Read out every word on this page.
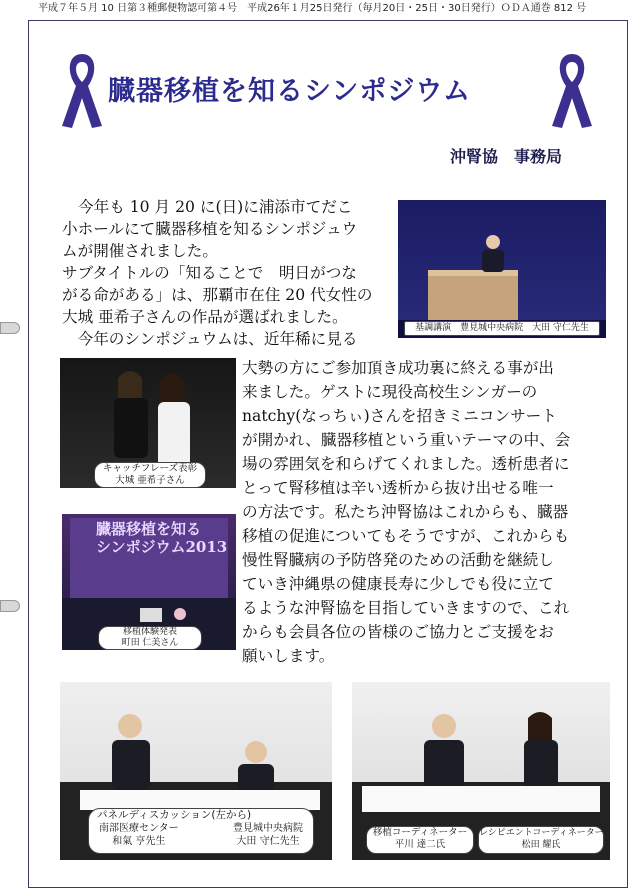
平成７年５月 10 日第３種郵便物認可第４号　平成26年１月25日発行（毎月20日・25日・30日発行）ＯＤＡ通巻 812 号
臓器移植を知るシンポジウム
沖腎協　事務局
今年も 10 月 20 に(日)に浦添市てだこ
小ホールにて臓器移植を知るシンポジュウ
ムが開催されました。
サブタイトルの「知ることで　明日がつな
がる命がある」は、那覇市在住 20 代女性の
大城 亜希子さんの作品が選ばれました。
　今年のシンポジュウムは、近年稀に見る
大勢の方にご参加頂き成功裏に終える事が出
来ました。ゲストに現役高校生シンガーの
natchy(なっちぃ)さんを招きミニコンサート
が開かれ、臓器移植という重いテーマの中、会
場の雰囲気を和らげてくれました。透析患者に
とって腎移植は辛い透析から抜け出せる唯一
の方法です。私たち沖腎協はこれからも、臓器
移植の促進についてもそうですが、これからも
慢性腎臓病の予防啓発のための活動を継続し
ていき沖縄県の健康長寿に少しでも役に立て
るような沖腎協を目指していきますので、これ
からも会員各位の皆様のご協力とご支援をお
願いします。
基調講演　豊見城中央病院　大田 守仁先生
キャッチフレーズ表彰
大城 亜希子さん
臓器移植を知る
シンポジウム2013
移植体験発表
町田 仁美さん
パネルディスカッション(左から)
南部医療センター
和氣 亨先生
豊見城中央病院
大田 守仁先生
移植コーディネーター
平川 達二氏
レシピエントコーディネーター
松田 耀氏
